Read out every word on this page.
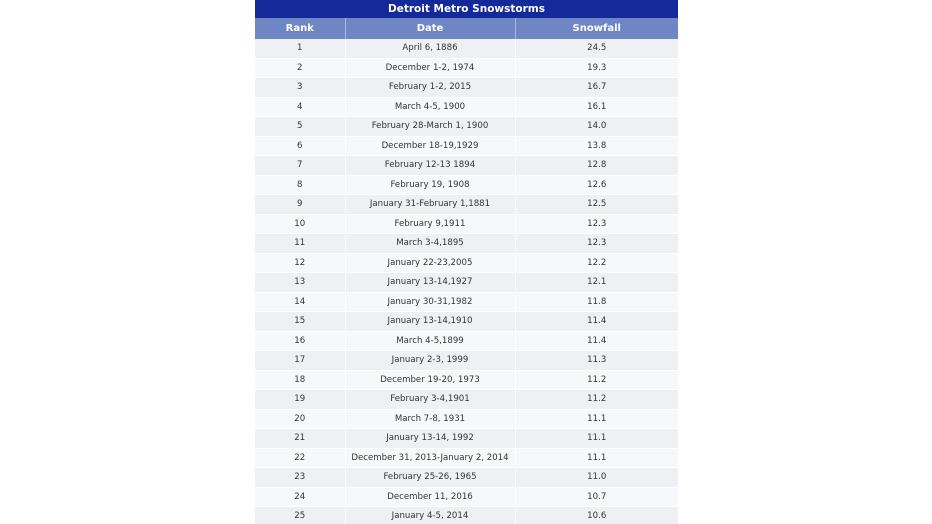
Detroit Metro Snowstorms
Rank	Date	Snowfall
1	April 6, 1886	24.5
2	December 1-2, 1974	19.3
3	February 1-2, 2015	16.7
4	March 4-5, 1900	16.1
5	February 28-March 1, 1900	14.0
6	December 18-19,1929	13.8
7	February 12-13 1894	12.8
8	February 19, 1908	12.6
9	January 31-February 1,1881	12.5
10	February 9,1911	12.3
11	March 3-4,1895	12.3
12	January 22-23,2005	12.2
13	January 13-14,1927	12.1
14	January 30-31,1982	11.8
15	January 13-14,1910	11.4
16	March 4-5,1899	11.4
17	January 2-3, 1999	11.3
18	December 19-20, 1973	11.2
19	February 3-4,1901	11.2
20	March 7-8, 1931	11.1
21	January 13-14, 1992	11.1
22	December 31, 2013-January 2, 2014	11.1
23	February 25-26, 1965	11.0
24	December 11, 2016	10.7
25	January 4-5, 2014	10.6
